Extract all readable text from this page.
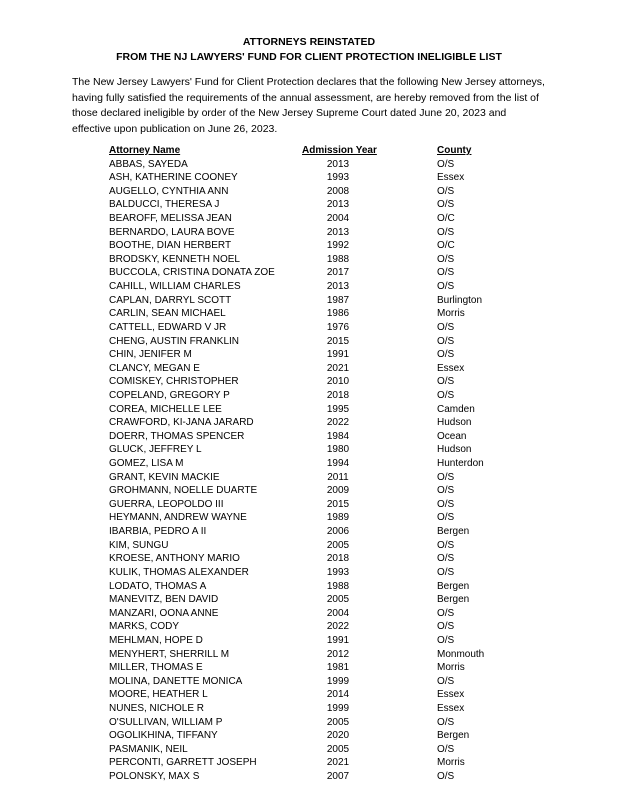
ATTORNEYS REINSTATED
FROM THE NJ LAWYERS' FUND FOR CLIENT PROTECTION INELIGIBLE LIST

The New Jersey Lawyers' Fund for Client Protection declares that the following New Jersey attorneys, having fully satisfied the requirements of the annual assessment, are hereby removed from the list of those declared ineligible by order of the New Jersey Supreme Court dated June 20, 2023 and effective upon publication on June 26, 2023.

Attorney Name	Admission Year	County
ABBAS, SAYEDA	2013	O/S
ASH, KATHERINE COONEY	1993	Essex
AUGELLO, CYNTHIA ANN	2008	O/S
BALDUCCI, THERESA J	2013	O/S
BEAROFF, MELISSA JEAN	2004	O/C
BERNARDO, LAURA BOVE	2013	O/S
BOOTHE, DIAN HERBERT	1992	O/C
BRODSKY, KENNETH NOEL	1988	O/S
BUCCOLA, CRISTINA DONATA ZOE	2017	O/S
CAHILL, WILLIAM CHARLES	2013	O/S
CAPLAN, DARRYL SCOTT	1987	Burlington
CARLIN, SEAN MICHAEL	1986	Morris
CATTELL, EDWARD V JR	1976	O/S
CHENG, AUSTIN FRANKLIN	2015	O/S
CHIN, JENIFER M	1991	O/S
CLANCY, MEGAN E	2021	Essex
COMISKEY, CHRISTOPHER	2010	O/S
COPELAND, GREGORY P	2018	O/S
COREA, MICHELLE LEE	1995	Camden
CRAWFORD, KI-JANA JARARD	2022	Hudson
DOERR, THOMAS SPENCER	1984	Ocean
GLUCK, JEFFREY L	1980	Hudson
GOMEZ, LISA M	1994	Hunterdon
GRANT, KEVIN MACKIE	2011	O/S
GROHMANN, NOELLE DUARTE	2009	O/S
GUERRA, LEOPOLDO III	2015	O/S
HEYMANN, ANDREW WAYNE	1989	O/S
IBARBIA, PEDRO A II	2006	Bergen
KIM, SUNGU	2005	O/S
KROESE, ANTHONY MARIO	2018	O/S
KULIK, THOMAS ALEXANDER	1993	O/S
LODATO, THOMAS A	1988	Bergen
MANEVITZ, BEN DAVID	2005	Bergen
MANZARI, OONA ANNE	2004	O/S
MARKS, CODY	2022	O/S
MEHLMAN, HOPE D	1991	O/S
MENYHERT, SHERRILL M	2012	Monmouth
MILLER, THOMAS E	1981	Morris
MOLINA, DANETTE MONICA	1999	O/S
MOORE, HEATHER L	2014	Essex
NUNES, NICHOLE R	1999	Essex
O'SULLIVAN, WILLIAM P	2005	O/S
OGOLIKHINA, TIFFANY	2020	Bergen
PASMANIK, NEIL	2005	O/S
PERCONTI, GARRETT JOSEPH	2021	Morris
POLONSKY, MAX S	2007	O/S
